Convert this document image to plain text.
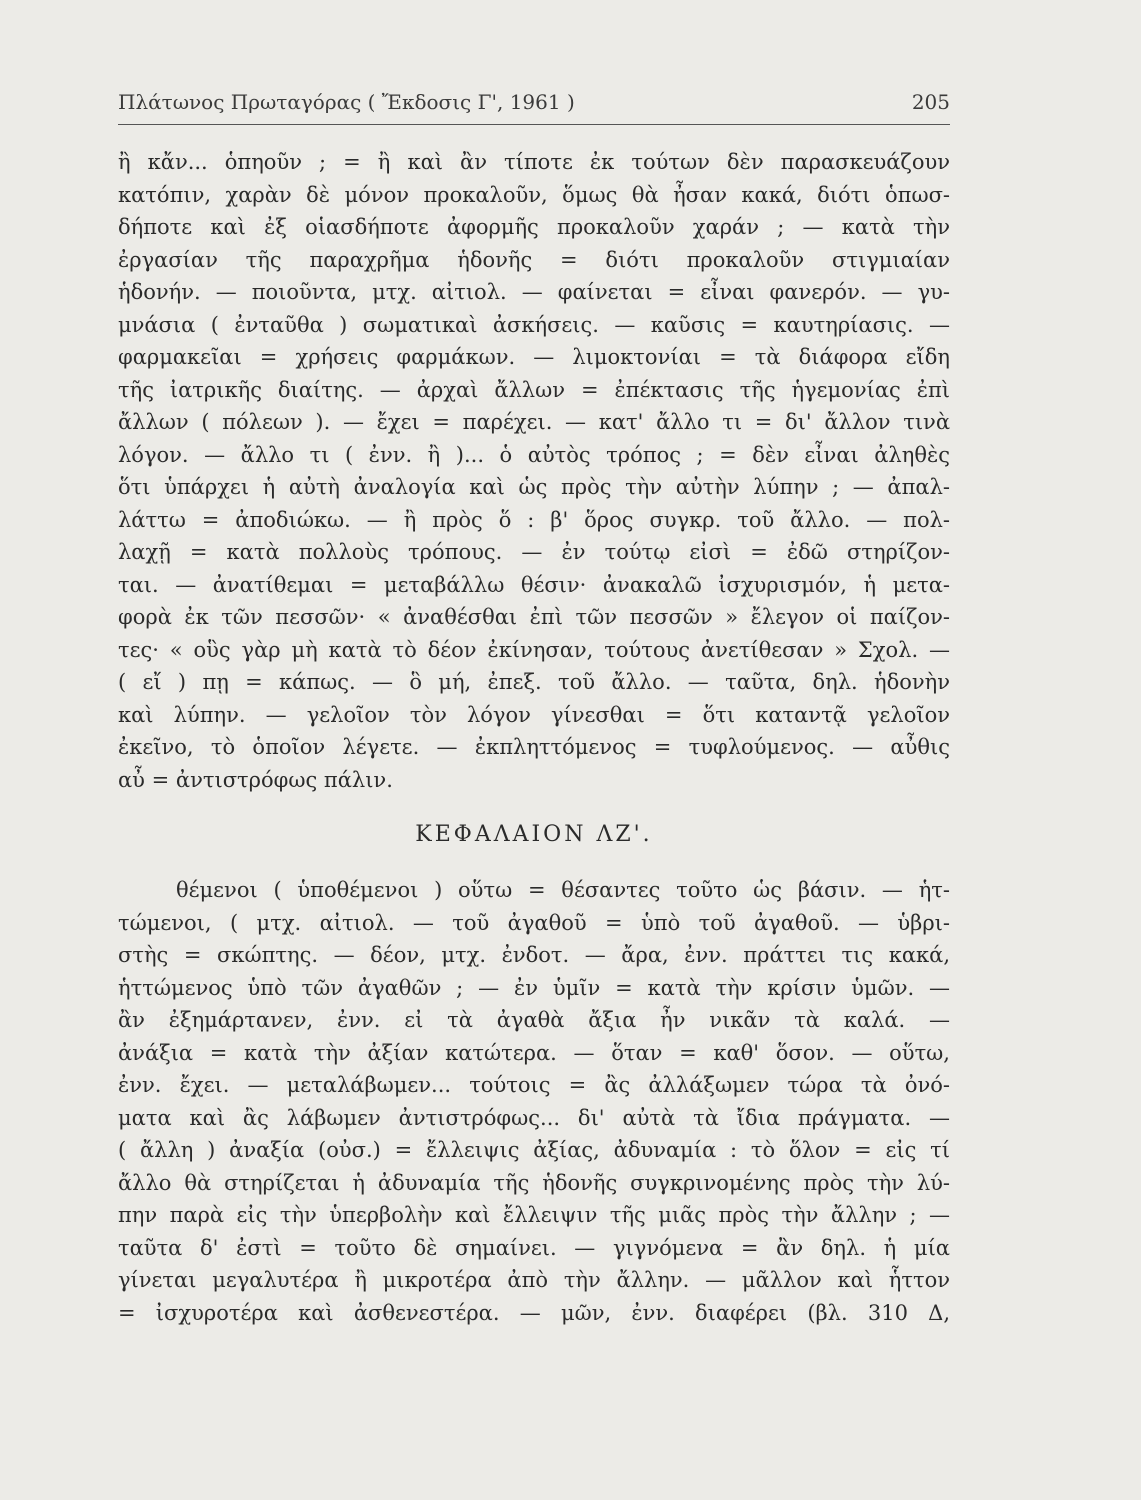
Πλάτωνος Πρωταγόρας ( Ἔκδοσις Γ', 1961 )	205
ἢ κἄν... ὁπηοῦν ; = ἢ καὶ ἂν τίποτε ἐκ τούτων δὲν παρασκευάζουν
κατόπιν, χαρὰν δὲ μόνον προκαλοῦν, ὅμως θὰ ἦσαν κακά, διότι ὁπωσ-
δήποτε καὶ ἐξ οἱασδήποτε ἀφορμῆς προκαλοῦν χαράν ; — κατὰ τὴν
ἐργασίαν τῆς παραχρῆμα ἡδονῆς = διότι προκαλοῦν στιγμιαίαν
ἡδονήν. — ποιοῦντα, μτχ. αἰτιολ. — φαίνεται = εἶναι φανερόν. — γυ-
μνάσια ( ἐνταῦθα ) σωματικαὶ ἀσκήσεις. — καῦσις = καυτηρίασις. —
φαρμακεῖαι = χρήσεις φαρμάκων. — λιμοκτονίαι = τὰ διάφορα εἴδη
τῆς ἰατρικῆς διαίτης. — ἀρχαὶ ἄλλων = ἐπέκτασις τῆς ἡγεμονίας ἐπὶ
ἄλλων ( πόλεων ). — ἔχει = παρέχει. — κατ' ἄλλο τι = δι' ἄλλον τινὰ
λόγον. — ἄλλο τι ( ἐνν. ἢ )... ὁ αὐτὸς τρόπος ; = δὲν εἶναι ἀληθὲς
ὅτι ὑπάρχει ἡ αὐτὴ ἀναλογία καὶ ὡς πρὸς τὴν αὐτὴν λύπην ; — ἀπαλ-
λάττω = ἀποδιώκω. — ἢ πρὸς ὅ : β' ὅρος συγκρ. τοῦ ἄλλο. — πολ-
λαχῇ = κατὰ πολλοὺς τρόπους. — ἐν τούτῳ εἰσὶ = ἐδῶ στηρίζον-
ται. — ἀνατίθεμαι = μεταβάλλω θέσιν· ἀνακαλῶ ἰσχυρισμόν, ἡ μετα-
φορὰ ἐκ τῶν πεσσῶν· « ἀναθέσθαι ἐπὶ τῶν πεσσῶν » ἔλεγον οἱ παίζον-
τες· « οὓς γὰρ μὴ κατὰ τὸ δέον ἐκίνησαν, τούτους ἀνετίθεσαν » Σχολ. —
( εἴ ) πῃ = κάπως. — ὃ μή, ἐπεξ. τοῦ ἄλλο. — ταῦτα, δηλ. ἡδονὴν
καὶ λύπην. — γελοῖον τὸν λόγον γίνεσθαι = ὅτι καταντᾷ γελοῖον
ἐκεῖνο, τὸ ὁποῖον λέγετε. — ἐκπληττόμενος = τυφλούμενος. — αὖθις
αὖ = ἀντιστρόφως πάλιν.
ΚΕΦΑΛΑΙΟΝ ΛΖ'.
θέμενοι ( ὑποθέμενοι ) οὕτω = θέσαντες τοῦτο ὡς βάσιν. — ἡτ-
τώμενοι, ( μτχ. αἰτιολ. — τοῦ ἀγαθοῦ = ὑπὸ τοῦ ἀγαθοῦ. — ὑβρι-
στὴς = σκώπτης. — δέον, μτχ. ἐνδοτ. — ἄρα, ἐνν. πράττει τις κακά,
ἡττώμενος ὑπὸ τῶν ἀγαθῶν ; — ἐν ὑμῖν = κατὰ τὴν κρίσιν ὑμῶν. —
ἂν ἐξημάρτανεν, ἐνν. εἰ τὰ ἀγαθὰ ἄξια ἦν νικᾶν τὰ καλά. —
ἀνάξια = κατὰ τὴν ἀξίαν κατώτερα. — ὅταν = καθ' ὅσον. — οὕτω,
ἐνν. ἔχει. — μεταλάβωμεν... τούτοις = ἂς ἀλλάξωμεν τώρα τὰ ὀνό-
ματα καὶ ἂς λάβωμεν ἀντιστρόφως... δι' αὐτὰ τὰ ἴδια πράγματα. —
( ἄλλη ) ἀναξία (οὐσ.) = ἔλλειψις ἀξίας, ἀδυναμία : τὸ ὅλον = εἰς τί
ἄλλο θὰ στηρίζεται ἡ ἀδυναμία τῆς ἡδονῆς συγκρινομένης πρὸς τὴν λύ-
πην παρὰ εἰς τὴν ὑπερβολὴν καὶ ἔλλειψιν τῆς μιᾶς πρὸς τὴν ἄλλην ; —
ταῦτα δ' ἐστὶ = τοῦτο δὲ σημαίνει. — γιγνόμενα = ἂν δηλ. ἡ μία
γίνεται μεγαλυτέρα ἢ μικροτέρα ἀπὸ τὴν ἄλλην. — μᾶλλον καὶ ἧττον
= ἰσχυροτέρα καὶ ἀσθενεστέρα. — μῶν, ἐνν. διαφέρει (βλ. 310 Δ,
